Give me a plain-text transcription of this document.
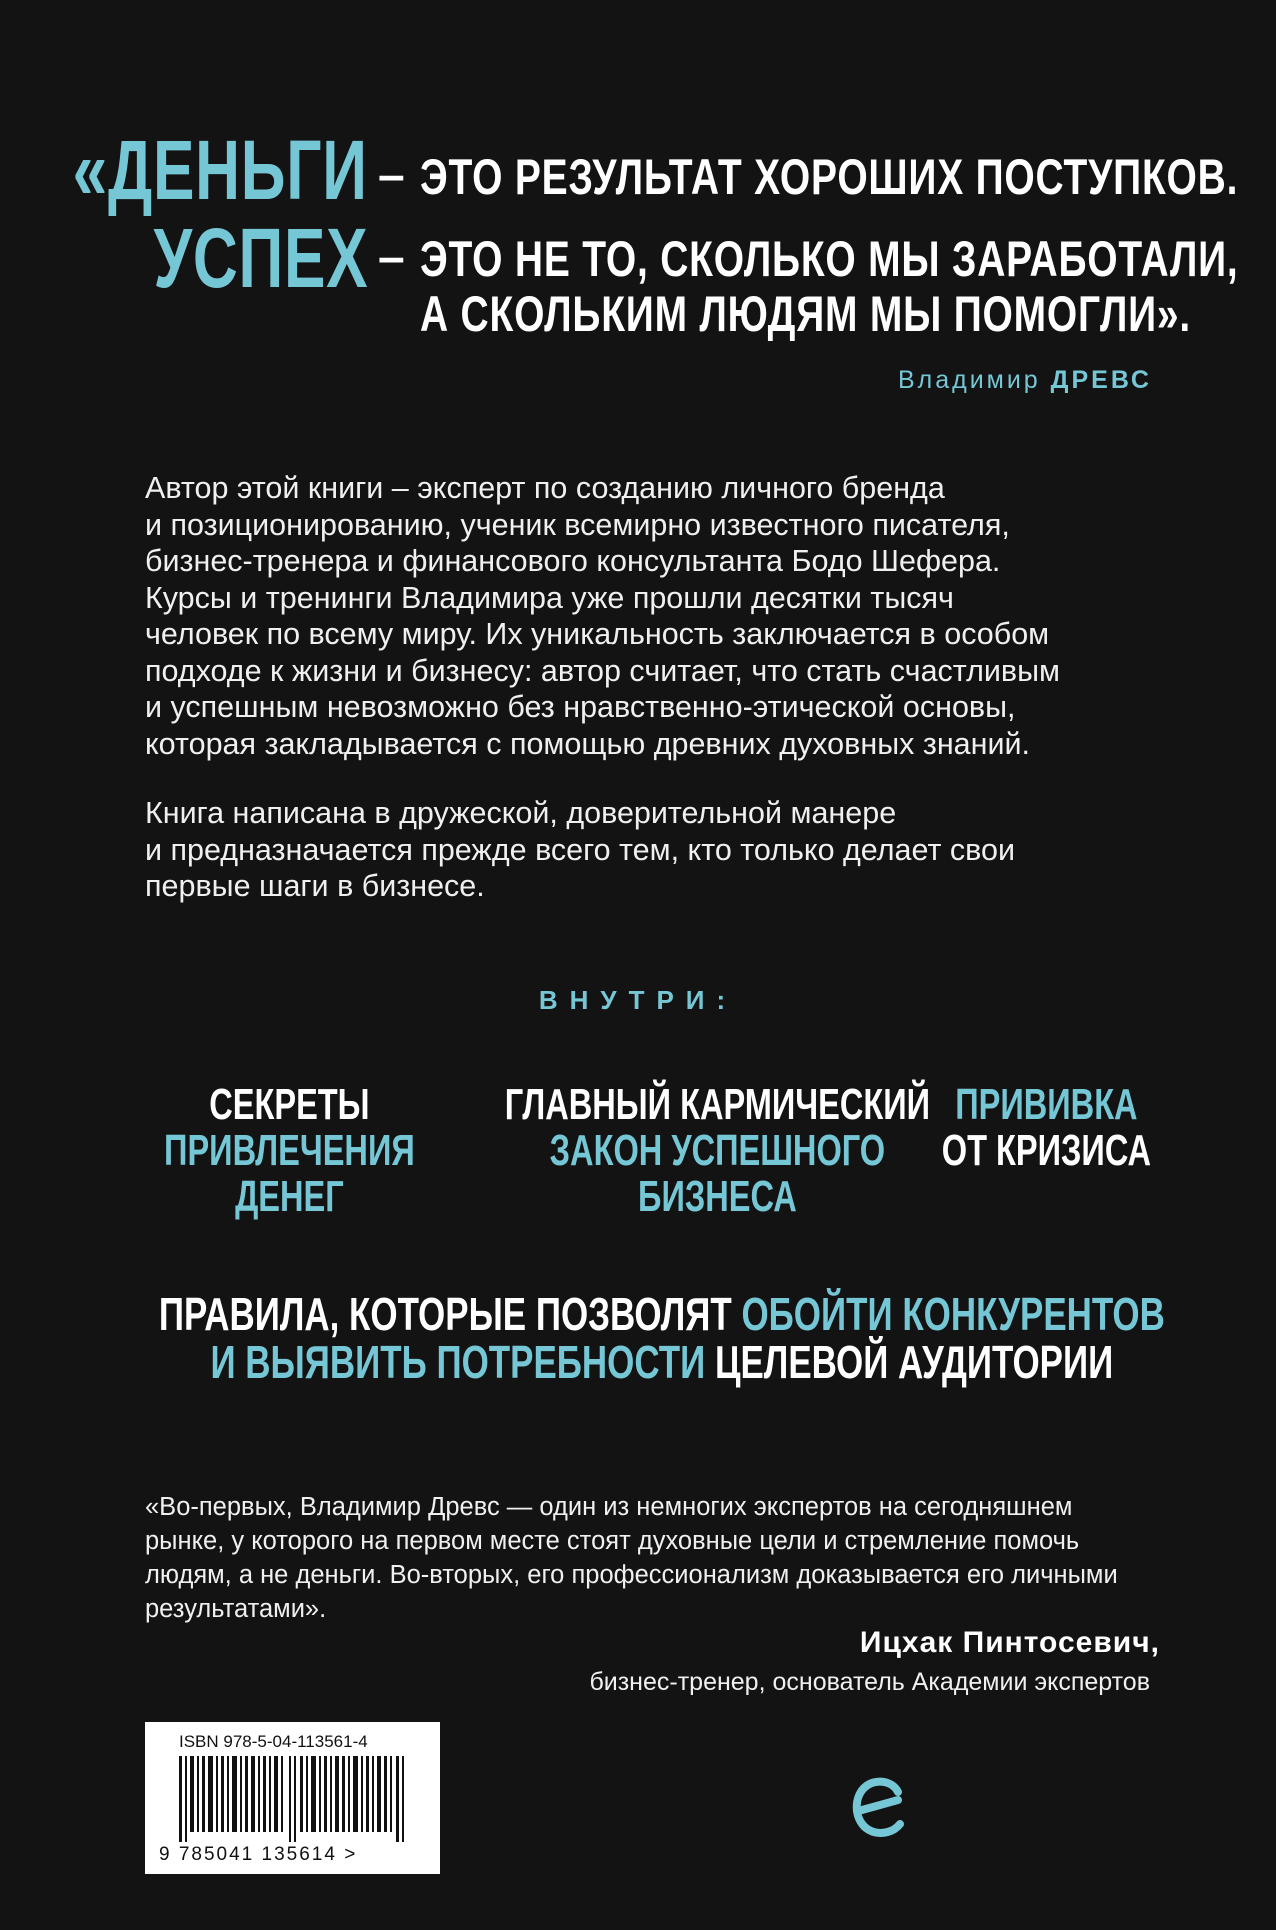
«ДЕНЬГИ – ЭТО РЕЗУЛЬТАТ ХОРОШИХ ПОСТУПКОВ.
УСПЕХ – ЭТО НЕ ТО, СКОЛЬКО МЫ ЗАРАБОТАЛИ,
А СКОЛЬКИМ ЛЮДЯМ МЫ ПОМОГЛИ».
Владимир ДРЕВС
Автор этой книги – эксперт по созданию личного бренда
и позиционированию, ученик всемирно известного писателя,
бизнес-тренера и финансового консультанта Бодо Шефера.
Курсы и тренинги Владимира уже прошли десятки тысяч
человек по всему миру. Их уникальность заключается в особом
подходе к жизни и бизнесу: автор считает, что стать счастливым
и успешным невозможно без нравственно-этической основы,
которая закладывается с помощью древних духовных знаний.
Книга написана в дружеской, доверительной манере
и предназначается прежде всего тем, кто только делает свои
первые шаги в бизнесе.
ВНУТРИ:
СЕКРЕТЫ
ПРИВЛЕЧЕНИЯ
ДЕНЕГ
ГЛАВНЫЙ КАРМИЧЕСКИЙ
ЗАКОН УСПЕШНОГО
БИЗНЕСА
ПРИВИВКА
ОТ КРИЗИСА
ПРАВИЛА, КОТОРЫЕ ПОЗВОЛЯТ ОБОЙТИ КОНКУРЕНТОВ
И ВЫЯВИТЬ ПОТРЕБНОСТИ ЦЕЛЕВОЙ АУДИТОРИИ
«Во-первых, Владимир Древс — один из немногих экспертов на сегодняшнем
рынке, у которого на первом месте стоят духовные цели и стремление помочь
людям, а не деньги. Во-вторых, его профессионализм доказывается его личными
результатами».
Ицхак Пинтосевич,
бизнес-тренер, основатель Академии экспертов
ISBN 978-5-04-113561-4
9 785041 135614 >
